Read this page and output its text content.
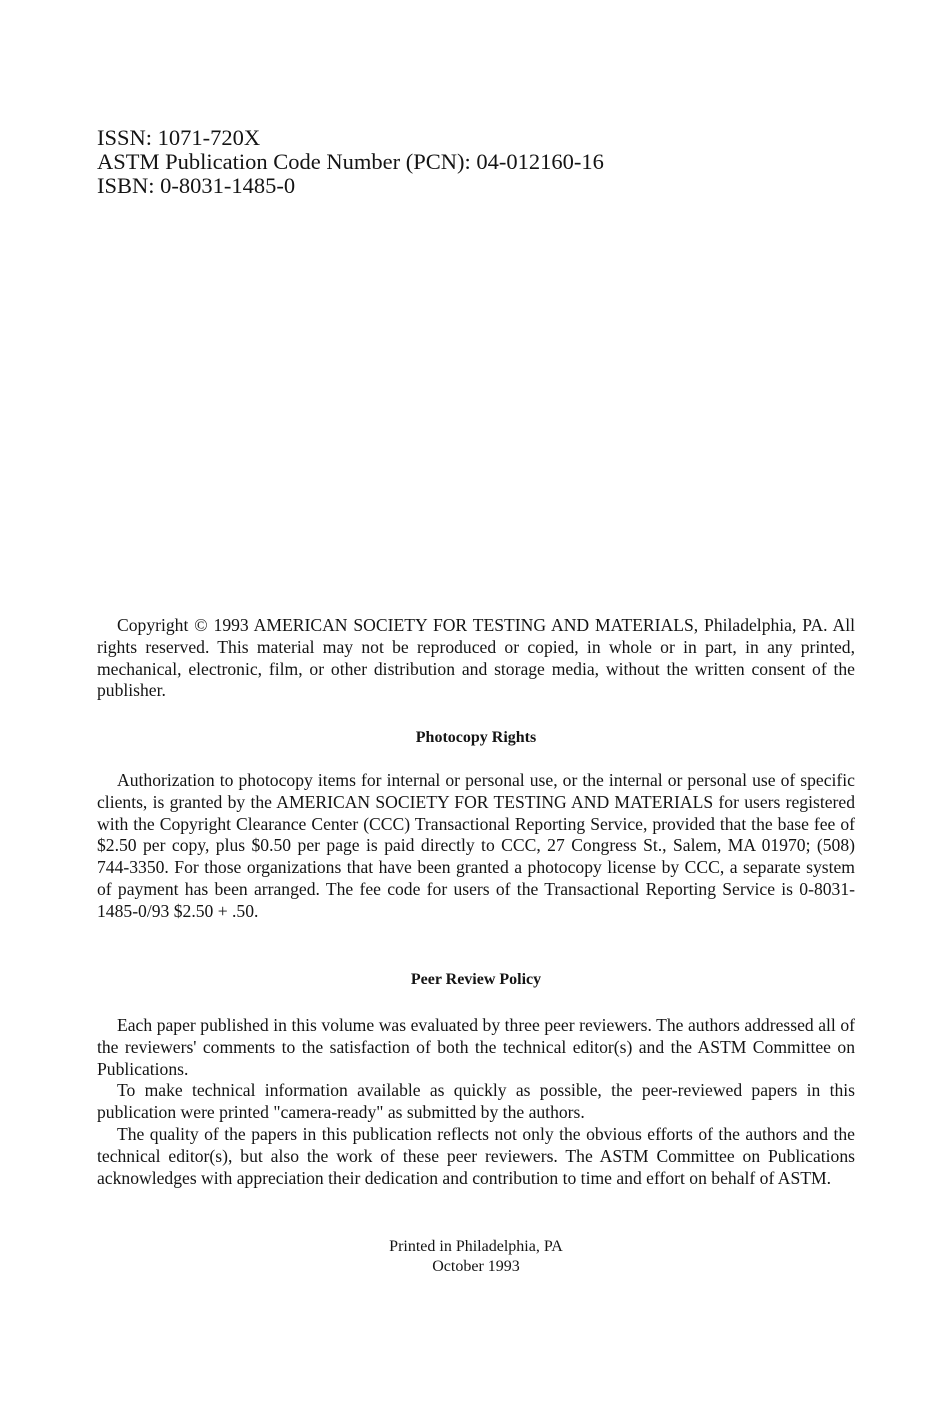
ISSN: 1071-720X
ASTM Publication Code Number (PCN): 04-012160-16
ISBN: 0-8031-1485-0

Copyright © 1993 AMERICAN SOCIETY FOR TESTING AND MATERIALS, Philadelphia, PA. All rights reserved. This material may not be reproduced or copied, in whole or in part, in any printed, mechanical, electronic, film, or other distribution and storage media, without the written consent of the publisher.

Photocopy Rights

Authorization to photocopy items for internal or personal use, or the internal or personal use of specific clients, is granted by the AMERICAN SOCIETY FOR TESTING AND MATERIALS for users registered with the Copyright Clearance Center (CCC) Transactional Reporting Service, provided that the base fee of $2.50 per copy, plus $0.50 per page is paid directly to CCC, 27 Congress St., Salem, MA 01970; (508) 744-3350. For those organizations that have been granted a photocopy license by CCC, a separate system of payment has been arranged. The fee code for users of the Transactional Reporting Service is 0-8031-1485-0/93 $2.50 + .50.

Peer Review Policy

Each paper published in this volume was evaluated by three peer reviewers. The authors addressed all of the reviewers' comments to the satisfaction of both the technical editor(s) and the ASTM Committee on Publications.

To make technical information available as quickly as possible, the peer-reviewed papers in this publication were printed "camera-ready" as submitted by the authors.

The quality of the papers in this publication reflects not only the obvious efforts of the authors and the technical editor(s), but also the work of these peer reviewers. The ASTM Committee on Publications acknowledges with appreciation their dedication and contribution to time and effort on behalf of ASTM.

Printed in Philadelphia, PA
October 1993
